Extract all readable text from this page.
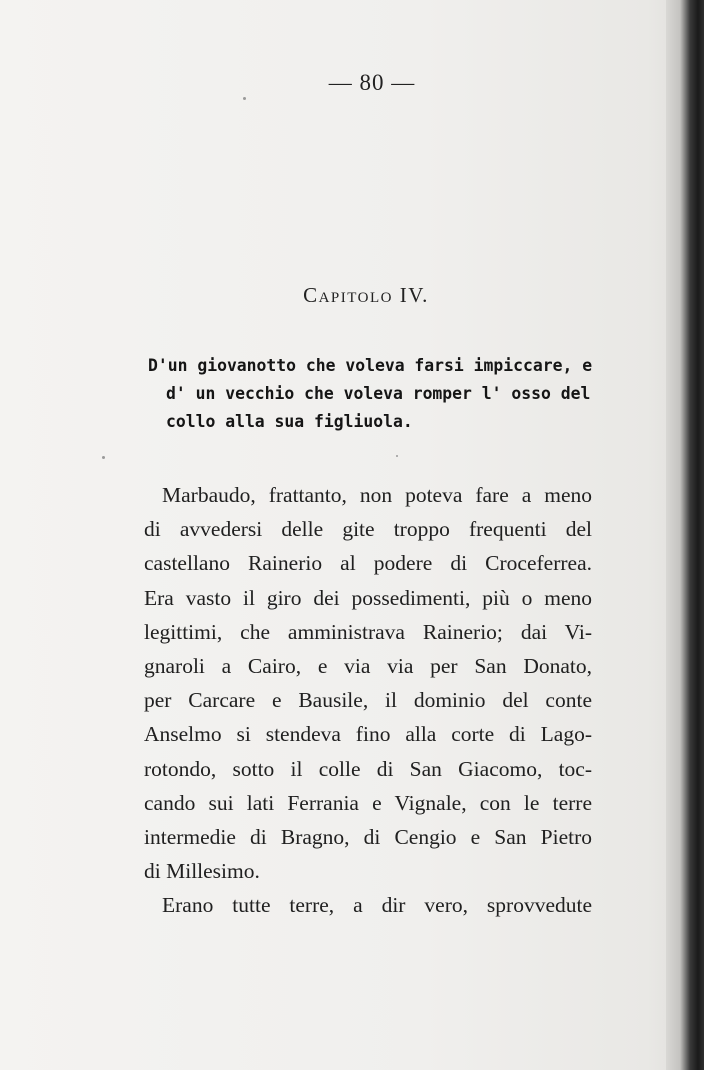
— 80 —
Capitolo IV.
D'un giovanotto che voleva farsi impiccare, e
d' un vecchio che voleva romper l' osso del
collo alla sua figliuola.
Marbaudo, frattanto, non poteva fare a meno
di avvedersi delle gite troppo frequenti del
castellano Rainerio al podere di Croceferrea.
Era vasto il giro dei possedimenti, più o meno
legittimi, che amministrava Rainerio; dai Vi-
gnaroli a Cairo, e via via per San Donato,
per Carcare e Bausile, il dominio del conte
Anselmo si stendeva fino alla corte di Lago-
rotondo, sotto il colle di San Giacomo, toc-
cando sui lati Ferrania e Vignale, con le terre
intermedie di Bragno, di Cengio e San Pietro
di Millesimo.
Erano tutte terre, a dir vero, sprovvedute
